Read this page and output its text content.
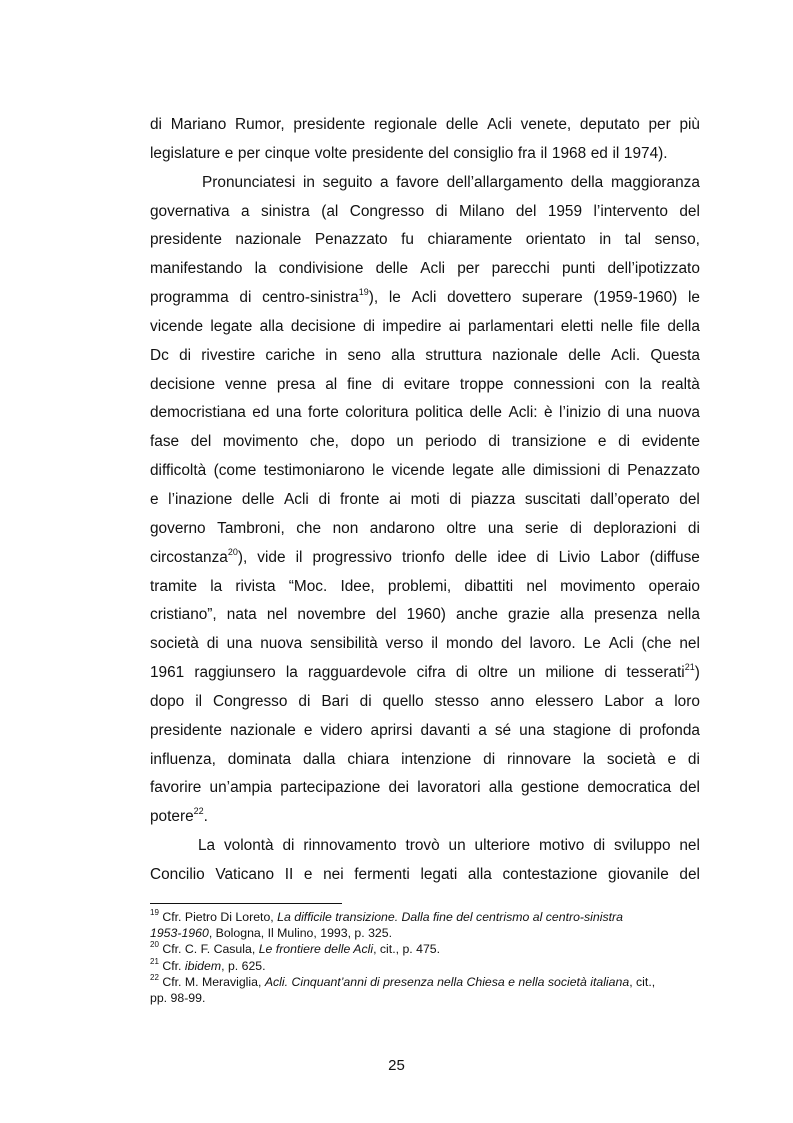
di Mariano Rumor, presidente regionale delle Acli venete, deputato per più
legislature e per cinque volte presidente del consiglio fra il 1968 ed il 1974).
Pronunciatesi in seguito a favore dell’allargamento della maggioranza
governativa a sinistra (al Congresso di Milano del 1959 l’intervento del
presidente nazionale Penazzato fu chiaramente orientato in tal senso,
manifestando la condivisione delle Acli per parecchi punti dell’ipotizzato
programma di centro-sinistra$^{19}$), le Acli dovettero superare (1959-1960) le
vicende legate alla decisione di impedire ai parlamentari eletti nelle file della
Dc di rivestire cariche in seno alla struttura nazionale delle Acli. Questa
decisione venne presa al fine di evitare troppe connessioni con la realtà
democristiana ed una forte coloritura politica delle Acli: è l’inizio di una nuova
fase del movimento che, dopo un periodo di transizione e di evidente
difficoltà (come testimoniarono le vicende legate alle dimissioni di Penazzato
e l’inazione delle Acli di fronte ai moti di piazza suscitati dall’operato del
governo Tambroni, che non andarono oltre una serie di deplorazioni di
circostanza$^{20}$), vide il progressivo trionfo delle idee di Livio Labor (diffuse
tramite la rivista “Moc. Idee, problemi, dibattiti nel movimento operaio
cristiano”, nata nel novembre del 1960) anche grazie alla presenza nella
società di una nuova sensibilità verso il mondo del lavoro. Le Acli (che nel
1961 raggiunsero la ragguardevole cifra di oltre un milione di tesserati$^{21}$)
dopo il Congresso di Bari di quello stesso anno elessero Labor a loro
presidente nazionale e videro aprirsi davanti a sé una stagione di profonda
influenza, dominata dalla chiara intenzione di rinnovare la società e di
favorire un’ampia partecipazione dei lavoratori alla gestione democratica del
potere$^{22}$.
La volontà di rinnovamento trovò un ulteriore motivo di sviluppo nel
Concilio Vaticano II e nei fermenti legati alla contestazione giovanile del
$^{19}$ Cfr. Pietro Di Loreto, La difficile transizione. Dalla fine del centrismo al centro-sinistra
1953-1960, Bologna, Il Mulino, 1993, p. 325.
$^{20}$ Cfr. C. F. Casula, Le frontiere delle Acli, cit., p. 475.
$^{21}$ Cfr. ibidem, p. 625.
$^{22}$ Cfr. M. Meraviglia, Acli. Cinquant’anni di presenza nella Chiesa e nella società italiana, cit.,
pp. 98-99.
25
